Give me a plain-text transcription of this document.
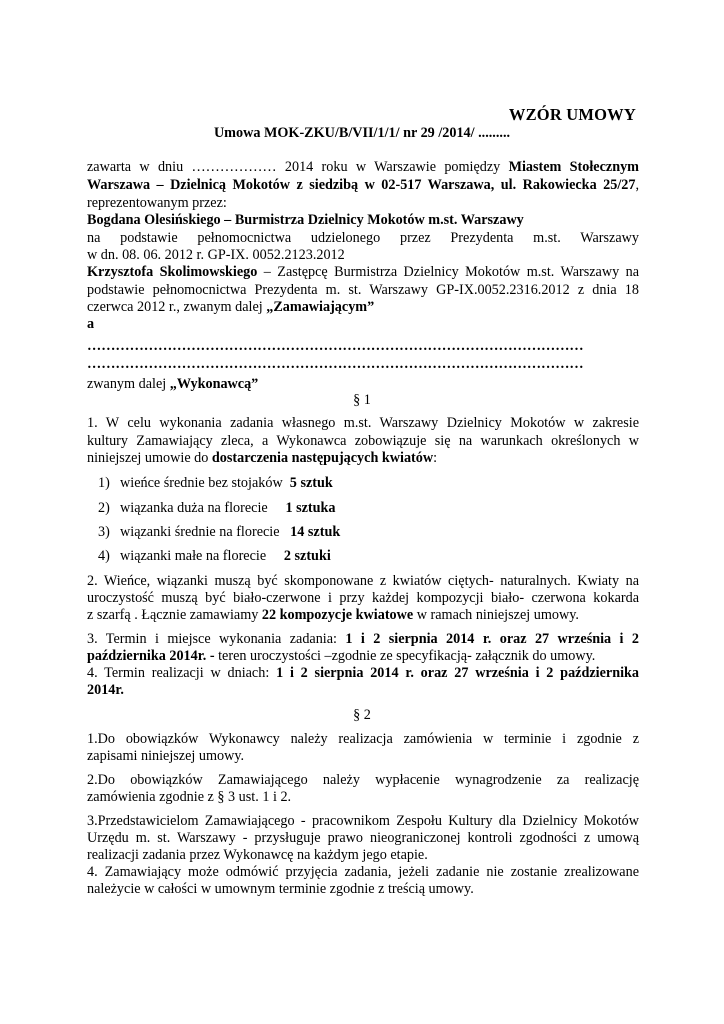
WZÓR UMOWY
Umowa MOK-ZKU/B/VII/1/1/ nr 29 /2014/ .........
zawarta w dniu ……………… 2014 roku w Warszawie pomiędzy Miastem Stołecznym
Warszawa – Dzielnicą Mokotów z siedzibą w 02-517 Warszawa, ul. Rakowiecka 25/27,
reprezentowanym przez:
Bogdana Olesińskiego – Burmistrza Dzielnicy Mokotów m.st. Warszawy
na podstawie pełnomocnictwa udzielonego przez Prezydenta m.st. Warszawy
w dn. 08. 06. 2012 r. GP-IX. 0052.2123.2012
Krzysztofa Skolimowskiego – Zastępcę Burmistrza Dzielnicy Mokotów m.st. Warszawy na
podstawie pełnomocnictwa Prezydenta m. st. Warszawy GP-IX.0052.2316.2012 z dnia 18
czerwca 2012 r., zwanym dalej „Zamawiającym”
a
……………………………………………………………………………………………
……………………………………………………………………………………………
zwanym dalej „Wykonawcą”
§ 1
1. W celu wykonania zadania własnego m.st. Warszawy Dzielnicy Mokotów w zakresie
kultury Zamawiający zleca, a Wykonawca zobowiązuje się na warunkach określonych w
niniejszej umowie do dostarczenia następujących kwiatów:
1) wieńce średnie bez stojaków  5 sztuk
2) wiązanka duża na florecie     1 sztuka
3) wiązanki średnie na florecie   14 sztuk
4) wiązanki małe na florecie     2 sztuki
2. Wieńce, wiązanki muszą być skomponowane z kwiatów ciętych- naturalnych. Kwiaty na
uroczystość muszą być biało-czerwone i przy każdej kompozycji biało- czerwona kokarda
z szarfą . Łącznie zamawiamy 22 kompozycje kwiatowe w ramach niniejszej umowy.
3. Termin i miejsce wykonania zadania: 1 i 2 sierpnia 2014 r. oraz 27 września i 2
października 2014r. - teren uroczystości –zgodnie ze specyfikacją- załącznik do umowy.
4. Termin realizacji w dniach: 1 i 2 sierpnia 2014 r. oraz 27 września i 2 października
2014r.
§ 2
1.Do obowiązków Wykonawcy należy realizacja zamówienia w terminie i zgodnie z
zapisami niniejszej umowy.
2.Do obowiązków Zamawiającego należy wypłacenie wynagrodzenie za realizację
zamówienia zgodnie z § 3 ust. 1 i 2.
3.Przedstawicielom Zamawiającego - pracownikom Zespołu Kultury dla Dzielnicy Mokotów
Urzędu m. st. Warszawy - przysługuje prawo nieograniczonej kontroli zgodności z umową
realizacji zadania przez Wykonawcę na każdym jego etapie.
4. Zamawiający może odmówić przyjęcia zadania, jeżeli zadanie nie zostanie zrealizowane
należycie w całości w umownym terminie zgodnie z treścią umowy.
